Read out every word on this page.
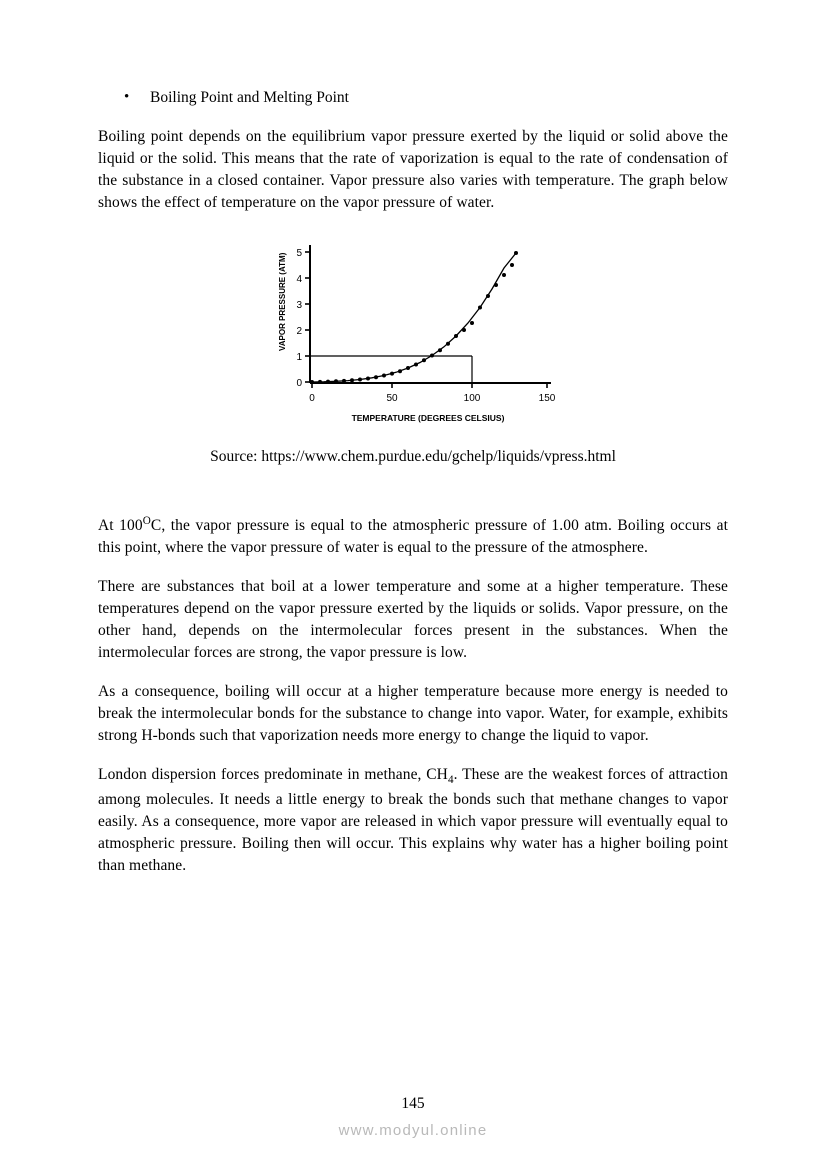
• Boiling Point and Melting Point

Boiling point depends on the equilibrium vapor pressure exerted by the liquid or solid above the liquid or the solid. This means that the rate of vaporization is equal to the rate of condensation of the substance in a closed container. Vapor pressure also varies with temperature. The graph below shows the effect of temperature on the vapor pressure of water.

5
4
3
2
1
0
0	50	100	150
VAPOR PRESSURE (ATM)
TEMPERATURE (DEGREES CELSIUS)
Source: https://www.chem.purdue.edu/gchelp/liquids/vpress.html

At $100^OC$, the vapor pressure is equal to the atmospheric pressure of 1.00 atm. Boiling occurs at this point, where the vapor pressure of water is equal to the pressure of the atmosphere.

There are substances that boil at a lower temperature and some at a higher temperature. These temperatures depend on the vapor pressure exerted by the liquids or solids. Vapor pressure, on the other hand, depends on the intermolecular forces present in the substances. When the intermolecular forces are strong, the vapor pressure is low.

As a consequence, boiling will occur at a higher temperature because more energy is needed to break the intermolecular bonds for the substance to change into vapor. Water, for example, exhibits strong H-bonds such that vaporization needs more energy to change the liquid to vapor.

London dispersion forces predominate in methane, $CH_4$. These are the weakest forces of attraction among molecules. It needs a little energy to break the bonds such that methane changes to vapor easily. As a consequence, more vapor are released in which vapor pressure will eventually equal to atmospheric pressure. Boiling then will occur. This explains why water has a higher boiling point than methane.

145
www.modyul.online
